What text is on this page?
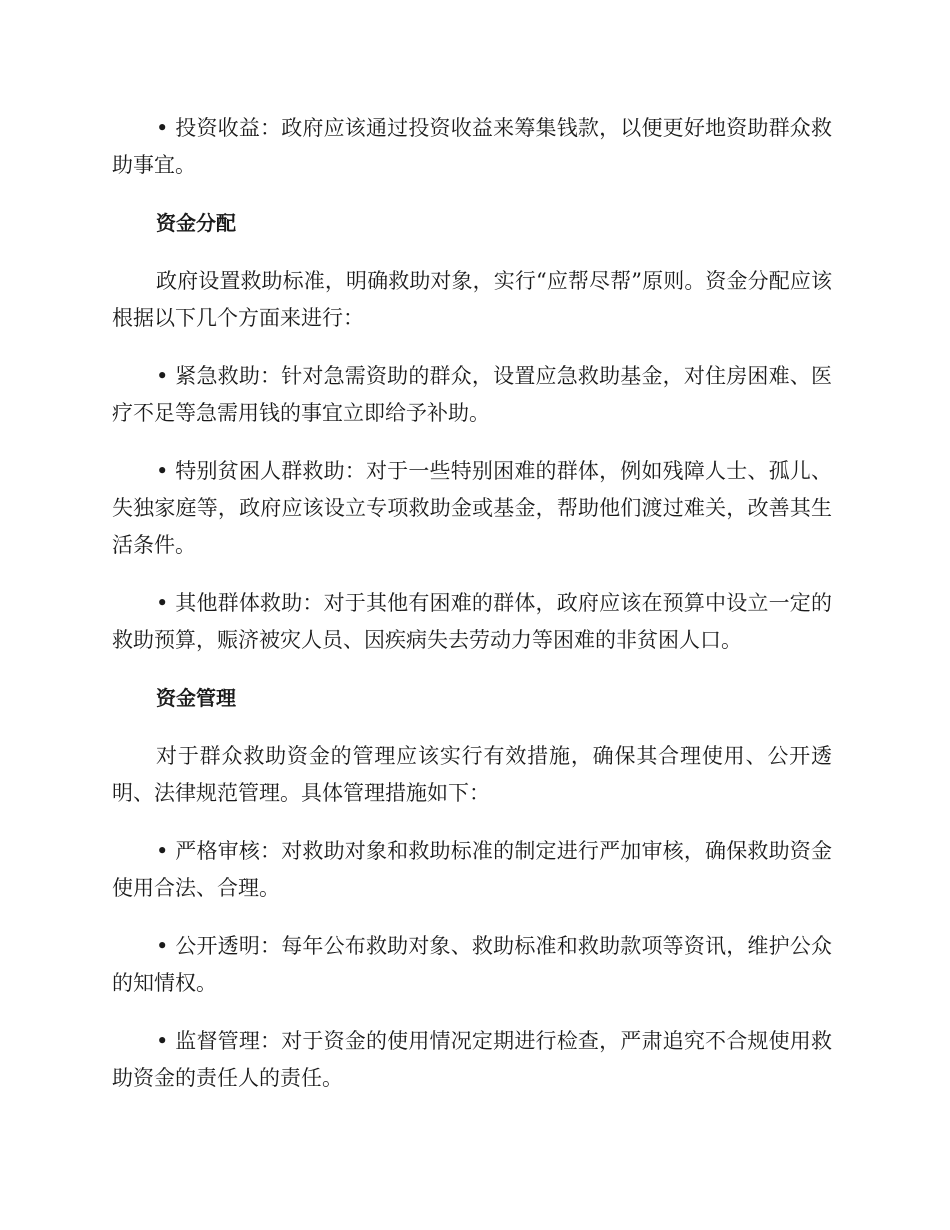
• 投资收益：政府应该通过投资收益来筹集钱款，以便更好地资助群众救助事宜。

资金分配

政府设置救助标准，明确救助对象，实行“应帮尽帮”原则。资金分配应该根据以下几个方面来进行：

• 紧急救助：针对急需资助的群众，设置应急救助基金，对住房困难、医疗不足等急需用钱的事宜立即给予补助。

• 特别贫困人群救助：对于一些特别困难的群体，例如残障人士、孤儿、失独家庭等，政府应该设立专项救助金或基金，帮助他们渡过难关，改善其生活条件。

• 其他群体救助：对于其他有困难的群体，政府应该在预算中设立一定的救助预算，赈济被灾人员、因疾病失去劳动力等困难的非贫困人口。

资金管理

对于群众救助资金的管理应该实行有效措施，确保其合理使用、公开透明、法律规范管理。具体管理措施如下：

• 严格审核：对救助对象和救助标准的制定进行严加审核，确保救助资金使用合法、合理。

• 公开透明：每年公布救助对象、救助标准和救助款项等资讯，维护公众的知情权。

• 监督管理：对于资金的使用情况定期进行检查，严肃追究不合规使用救助资金的责任人的责任。
